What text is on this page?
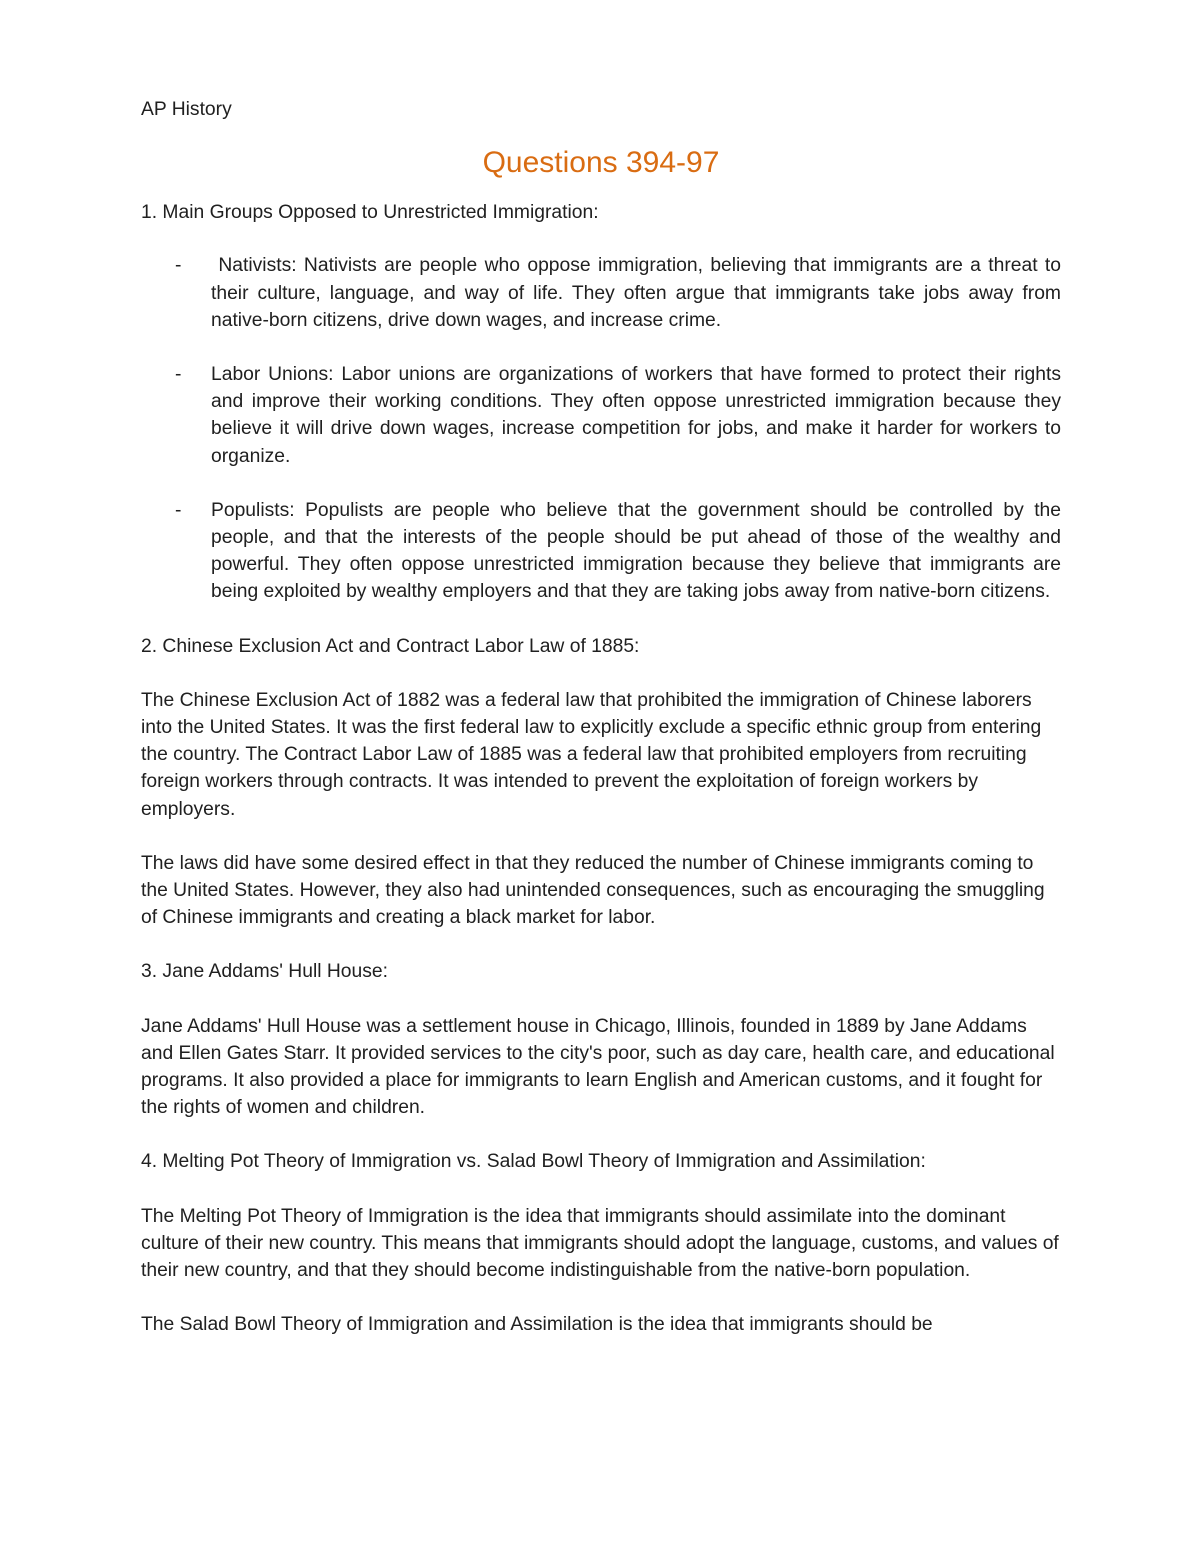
AP History

Questions 394-97

1. Main Groups Opposed to Unrestricted Immigration:

- Nativists: Nativists are people who oppose immigration, believing that immigrants are a threat to their culture, language, and way of life. They often argue that immigrants take jobs away from native-born citizens, drive down wages, and increase crime.
- Labor Unions: Labor unions are organizations of workers that have formed to protect their rights and improve their working conditions. They often oppose unrestricted immigration because they believe it will drive down wages, increase competition for jobs, and make it harder for workers to organize.
- Populists: Populists are people who believe that the government should be controlled by the people, and that the interests of the people should be put ahead of those of the wealthy and powerful. They often oppose unrestricted immigration because they believe that immigrants are being exploited by wealthy employers and that they are taking jobs away from native-born citizens.

2. Chinese Exclusion Act and Contract Labor Law of 1885:

The Chinese Exclusion Act of 1882 was a federal law that prohibited the immigration of Chinese laborers into the United States. It was the first federal law to explicitly exclude a specific ethnic group from entering the country. The Contract Labor Law of 1885 was a federal law that prohibited employers from recruiting foreign workers through contracts. It was intended to prevent the exploitation of foreign workers by employers.

The laws did have some desired effect in that they reduced the number of Chinese immigrants coming to the United States. However, they also had unintended consequences, such as encouraging the smuggling of Chinese immigrants and creating a black market for labor.

3. Jane Addams' Hull House:

Jane Addams' Hull House was a settlement house in Chicago, Illinois, founded in 1889 by Jane Addams and Ellen Gates Starr. It provided services to the city's poor, such as day care, health care, and educational programs. It also provided a place for immigrants to learn English and American customs, and it fought for the rights of women and children.

4. Melting Pot Theory of Immigration vs. Salad Bowl Theory of Immigration and Assimilation:

The Melting Pot Theory of Immigration is the idea that immigrants should assimilate into the dominant culture of their new country. This means that immigrants should adopt the language, customs, and values of their new country, and that they should become indistinguishable from the native-born population.

The Salad Bowl Theory of Immigration and Assimilation is the idea that immigrants should be
